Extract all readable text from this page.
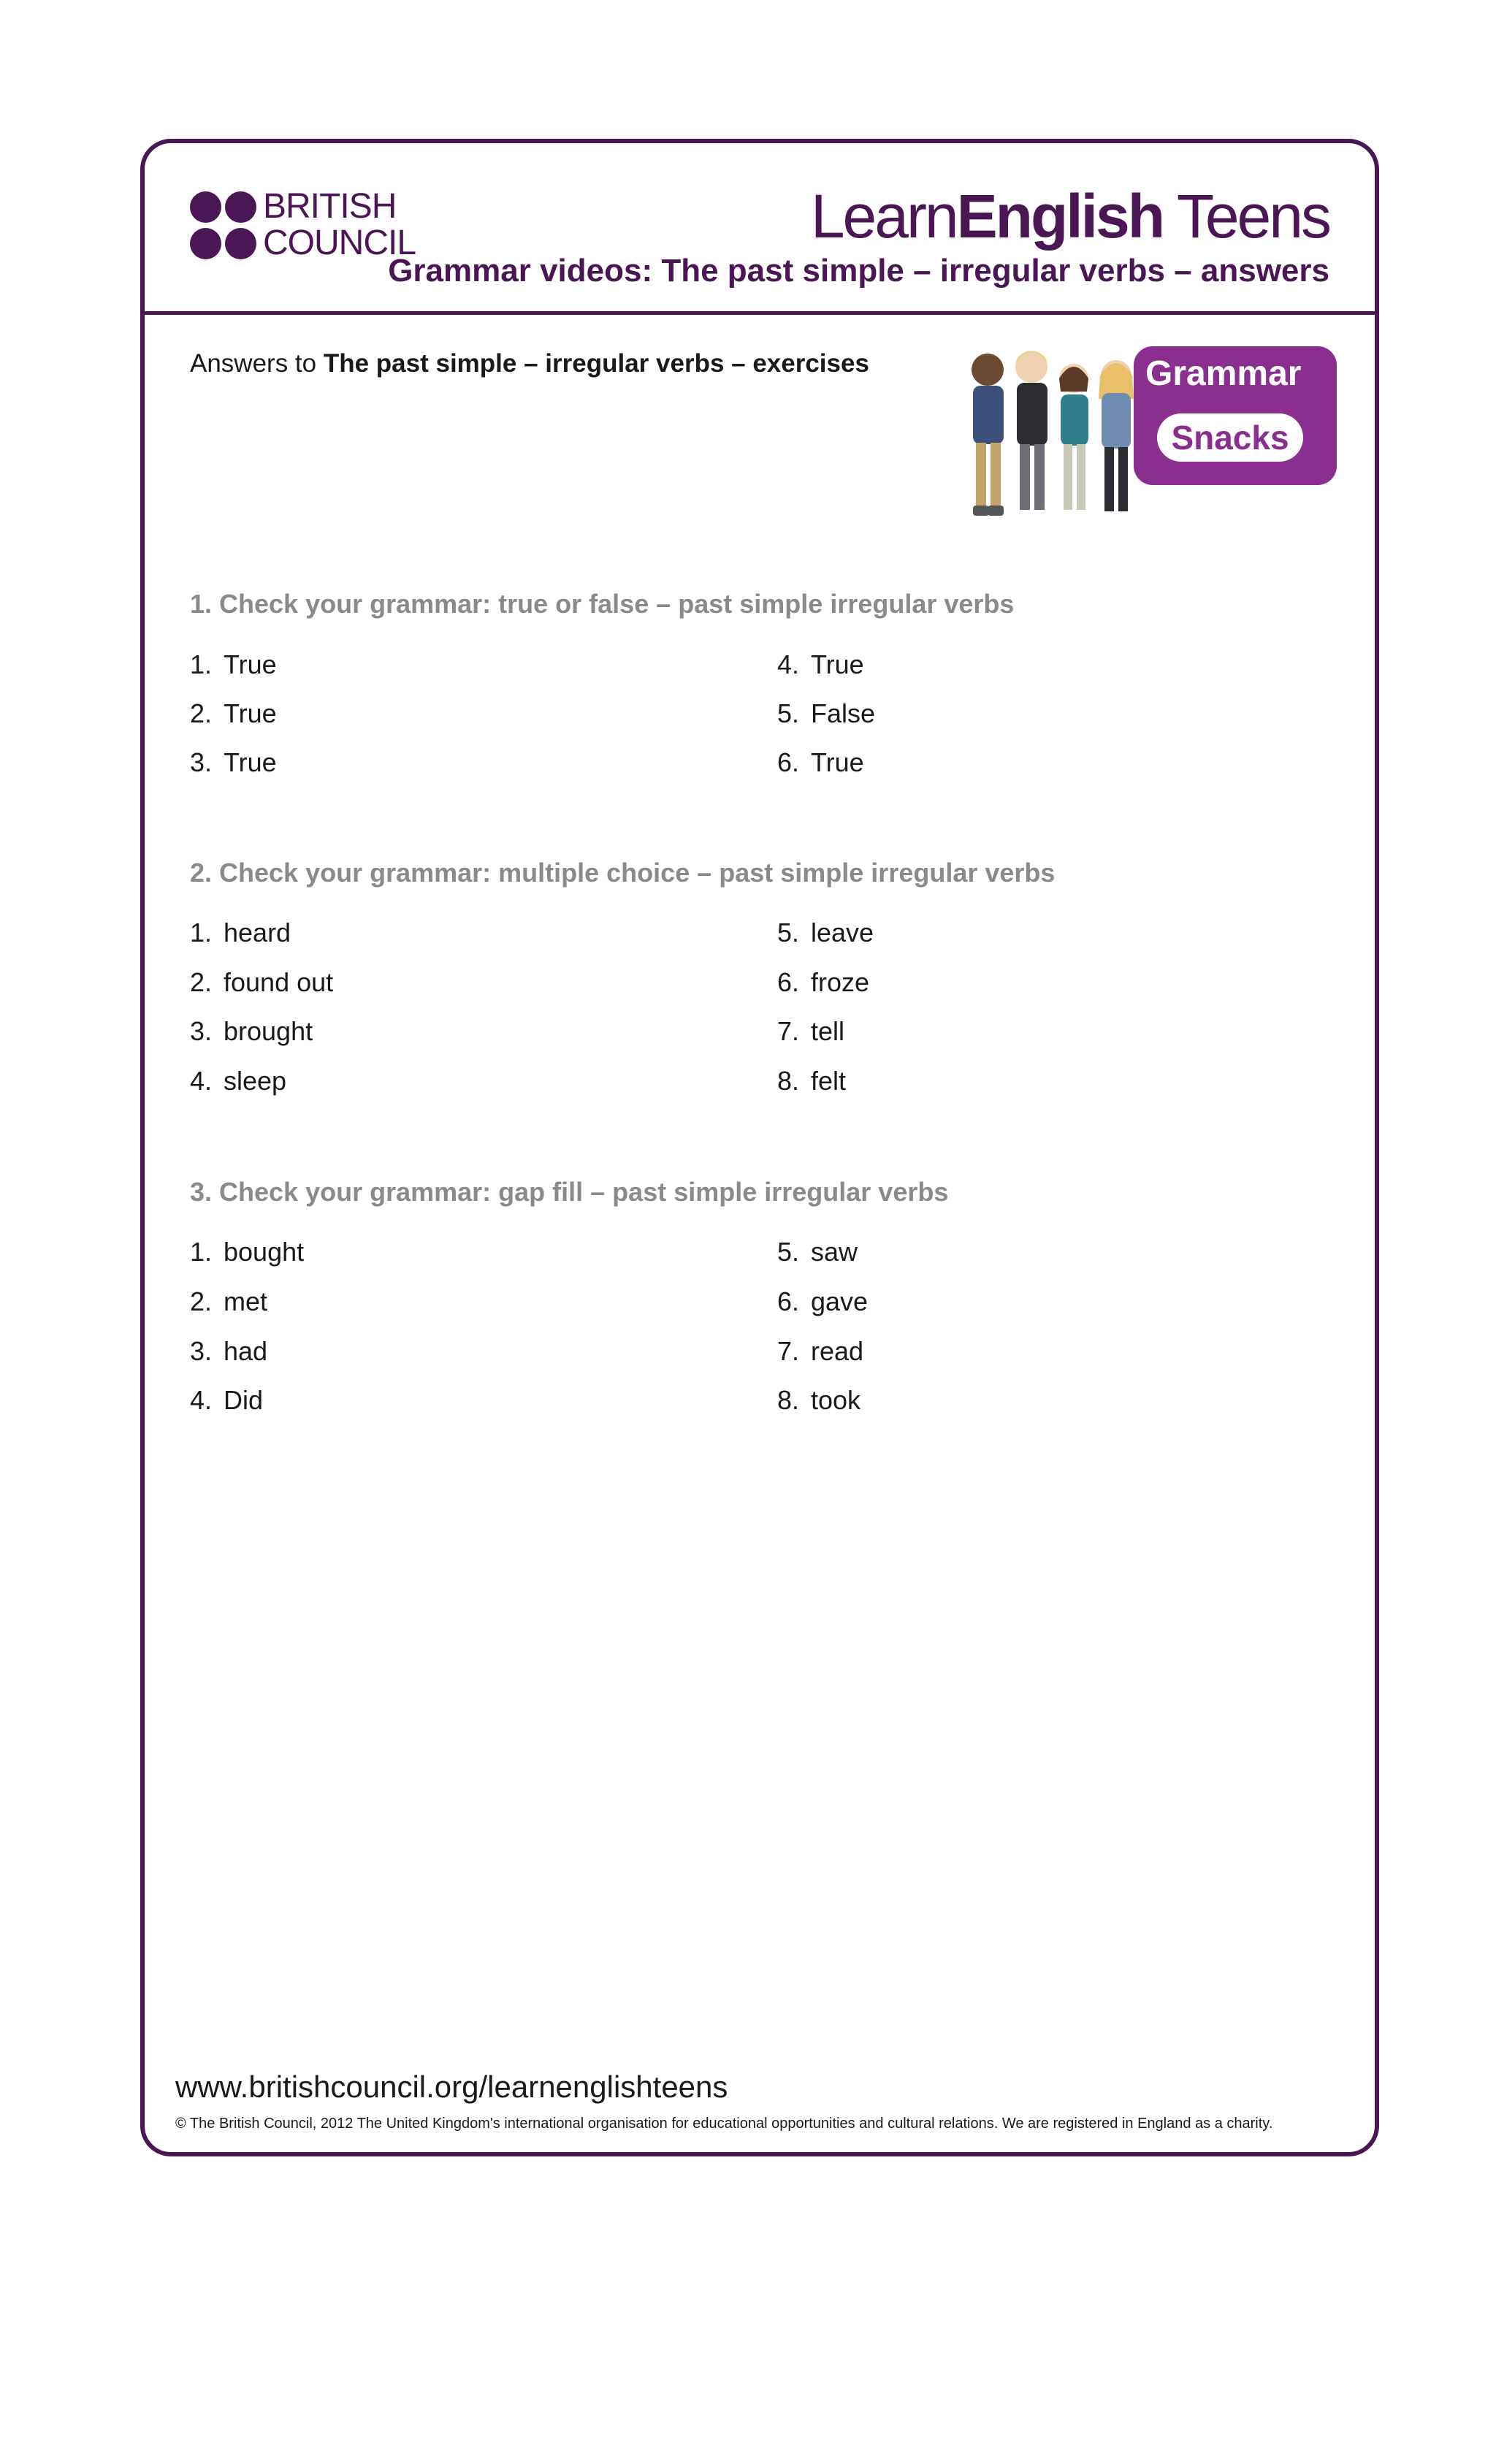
BRITISH
COUNCIL	LearnEnglish Teens
Grammar videos: The past simple – irregular verbs – answers
Answers to The past simple – irregular verbs – exercises	Grammar
Snacks
1. Check your grammar: true or false – past simple irregular verbs
1. True
2. True
3. True
4. True
5. False
6. True
2. Check your grammar: multiple choice – past simple irregular verbs
1. heard
2. found out
3. brought
4. sleep
5. leave
6. froze
7. tell
8. felt
3. Check your grammar: gap fill – past simple irregular verbs
1. bought
2. met
3. had
4. Did
5. saw
6. gave
7. read
8. took
www.britishcouncil.org/learnenglishteens
© The British Council, 2012 The United Kingdom's international organisation for educational opportunities and cultural relations. We are registered in England as a charity.
